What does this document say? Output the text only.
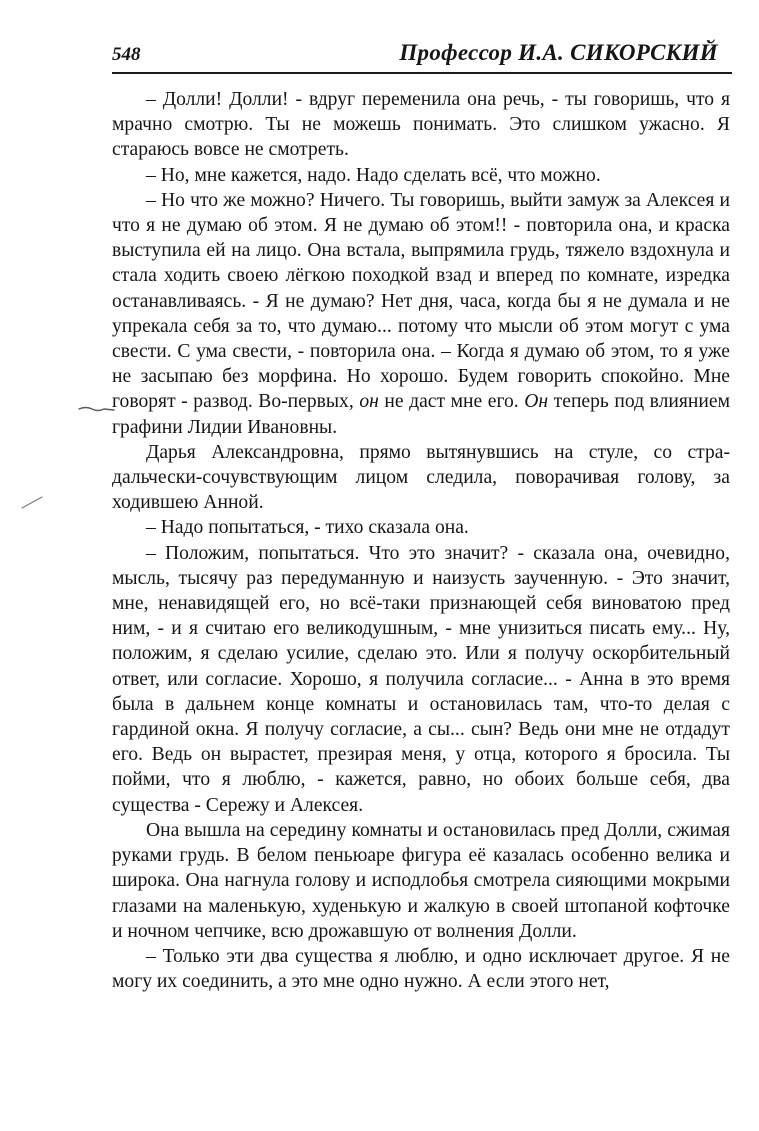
548	Профессор И.А. СИКОРСКИЙ

– Долли! Долли! - вдруг переменила она речь, - ты говоришь, что я мрачно смотрю. Ты не можешь понимать. Это слишком ужасно. Я стараюсь вовсе не смотреть.

– Но, мне кажется, надо. Надо сделать всё, что можно.

– Но что же можно? Ничего. Ты говоришь, выйти замуж за Алексея и что я не думаю об этом. Я не думаю об этом!! - повторила она, и краска выступила ей на лицо. Она встала, выпрямила грудь, тяжело вздохнула и стала ходить своею лёгкою походкой взад и вперед по комнате, изредка останавливаясь. - Я не думаю? Нет дня, часа, когда бы я не думала и не упрекала себя за то, что думаю... потому что мысли об этом могут с ума свести. С ума свести, - повторила она. – Когда я думаю об этом, то я уже не засыпаю без морфина. Но хорошо. Будем говорить спокойно. Мне говорят - развод. Во-первых, он не даст мне его. Он теперь под влиянием графини Лидии Ивановны.

Дарья Александровна, прямо вытянувшись на стуле, со страдальчески-сочувствующим лицом следила, поворачивая голову, за ходившею Анной.

– Надо попытаться, - тихо сказала она.

– Положим, попытаться. Что это значит? - сказала она, очевидно, мысль, тысячу раз передуманную и наизусть заученную. - Это значит, мне, ненавидящей его, но всё-таки признающей себя виноватою пред ним, - и я считаю его великодушным, - мне унизиться писать ему... Ну, положим, я сделаю усилие, сделаю это. Или я получу оскорбительный ответ, или согласие. Хорошо, я получила согласие... - Анна в это время была в дальнем конце комнаты и остановилась там, что-то делая с гардиной окна. Я получу согласие, а сы... сын? Ведь они мне не отдадут его. Ведь он вырастет, презирая меня, у отца, которого я бросила. Ты пойми, что я люблю, - кажется, равно, но обоих больше себя, два существа - Сережу и Алексея.

Она вышла на середину комнаты и остановилась пред Долли, сжимая руками грудь. В белом пеньюаре фигура её казалась особенно велика и широка. Она нагнула голову и исподлобья смотрела сияющими мокрыми глазами на маленькую, худенькую и жалкую в своей штопаной кофточке и ночном чепчике, всю дрожавшую от волнения Долли.

– Только эти два существа я люблю, и одно исключает другое. Я не могу их соединить, а это мне одно нужно. А если этого нет,
